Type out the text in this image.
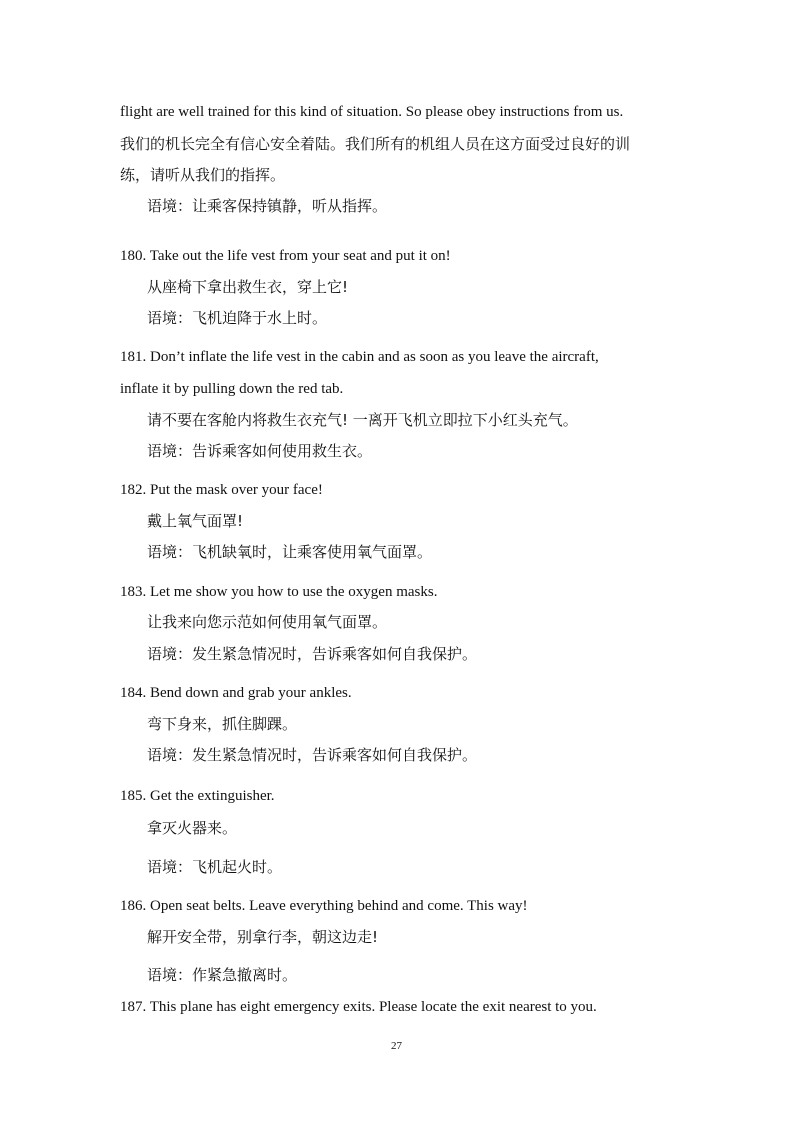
flight are well trained for this kind of situation. So please obey instructions from us.
我们的机长完全有信心安全着陆。我们所有的机组人员在这方面受过良好的训
练，请听从我们的指挥。
语境：让乘客保持镇静，听从指挥。
180. Take out the life vest from your seat and put it on!
从座椅下拿出救生衣，穿上它!
语境：飞机迫降于水上时。
181. Don’t inflate the life vest in the cabin and as soon as you leave the aircraft,
inflate it by pulling down the red tab.
请不要在客舱内将救生衣充气! 一离开飞机立即拉下小红头充气。
语境：告诉乘客如何使用救生衣。
182. Put the mask over your face!
戴上氧气面罩!
语境：飞机缺氧时，让乘客使用氧气面罩。
183. Let me show you how to use the oxygen masks.
让我来向您示范如何使用氧气面罩。
语境：发生紧急情况时，告诉乘客如何自我保护。
184. Bend down and grab your ankles.
弯下身来，抓住脚踝。
语境：发生紧急情况时，告诉乘客如何自我保护。
185. Get the extinguisher.
拿灭火器来。
语境：飞机起火时。
186. Open seat belts. Leave everything behind and come. This way!
解开安全带，别拿行李，朝这边走!
语境：作紧急撤离时。
187. This plane has eight emergency exits. Please locate the exit nearest to you.
27
